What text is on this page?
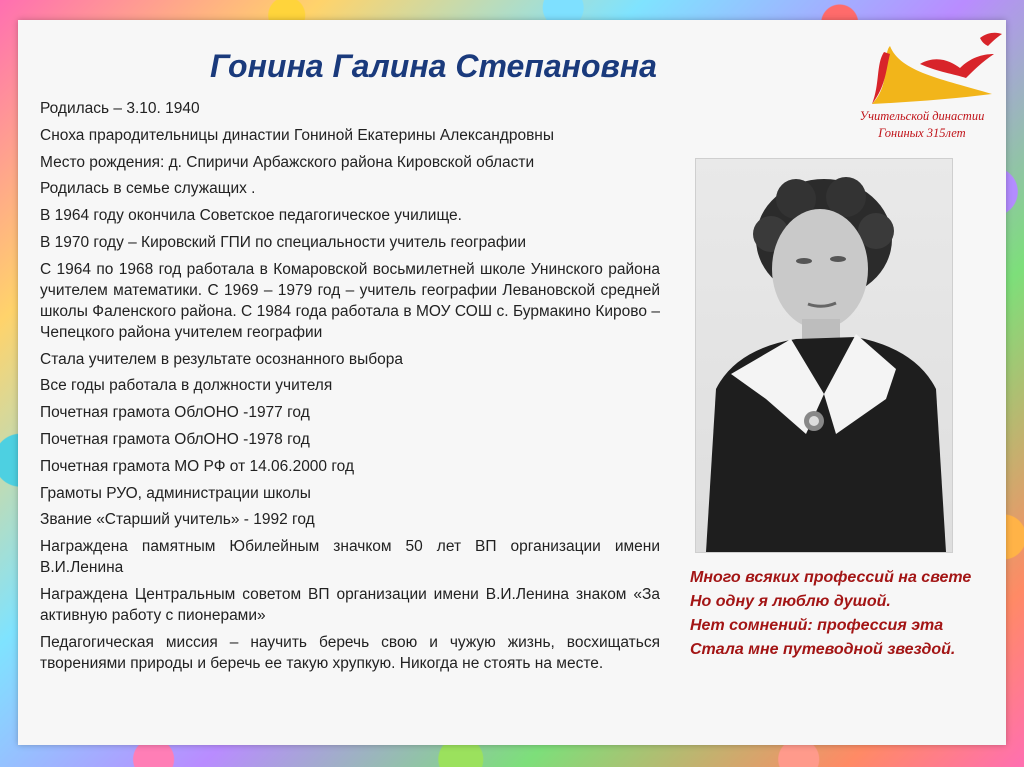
Гонина Галина Степановна
Родилась – 3.10. 1940
Сноха прародительницы династии Гониной Екатерины Александровны
Место рождения: д. Спиричи Арбажского района Кировской области
Родилась в семье служащих .
В 1964 году окончила Советское педагогическое училище.
В 1970 году – Кировский ГПИ по специальности учитель географии
С 1964 по 1968 год работала в Комаровской восьмилетней школе Унинского района учителем математики. С 1969 – 1979 год – учитель географии Левановской средней школы Фаленского района. С 1984 года работала в МОУ СОШ с. Бурмакино Кирово – Чепецкого района учителем географии
Стала учителем в результате осознанного выбора
Все годы работала в должности учителя
Почетная грамота ОблОНО -1977 год
Почетная грамота ОблОНО -1978 год
Почетная грамота МО РФ от 14.06.2000 год
Грамоты РУО, администрации школы
Звание «Старший учитель» - 1992 год
Награждена памятным Юбилейным значком 50 лет ВП организации имени В.И.Ленина
Награждена Центральным советом ВП организации имени В.И.Ленина знаком «За активную работу с пионерами»
Педагогическая миссия – научить беречь свою и чужую жизнь, восхищаться творениями природы и беречь ее такую хрупкую. Никогда не стоять на месте.
Учительской династии
Гониных 315лет
Много всяких профессий на свете
Но одну я люблю душой.
Нет сомнений: профессия эта
Стала мне путеводной звездой.
